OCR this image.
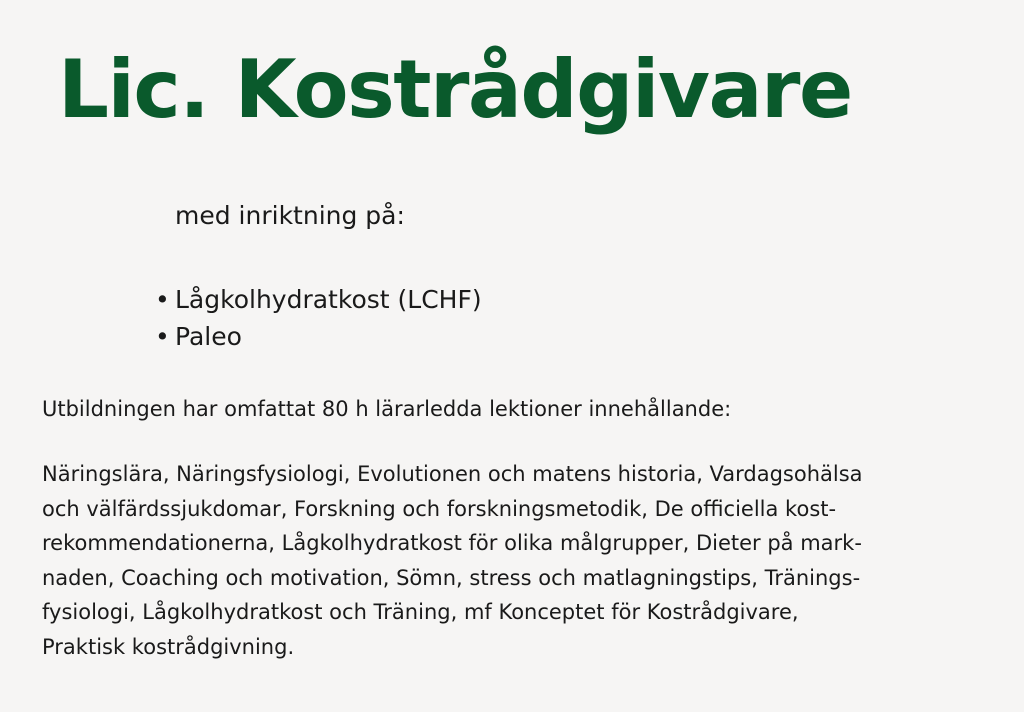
Lic. Kostrådgivare
med inriktning på:
• Lågkolhydratkost (LCHF)
• Paleo
Utbildningen har omfattat 80 h lärarledda lektioner innehållande:
Näringslära, Näringsfysiologi, Evolutionen och matens historia, Vardagsohälsa
och välfärdssjukdomar, Forskning och forskningsmetodik, De officiella kost-
rekommendationerna, Lågkolhydratkost för olika målgrupper, Dieter på mark-
naden, Coaching och motivation, Sömn, stress och matlagningstips, Tränings-
fysiologi, Lågkolhydratkost och Träning, mf Konceptet för Kostrådgivare,
Praktisk kostrådgivning.
